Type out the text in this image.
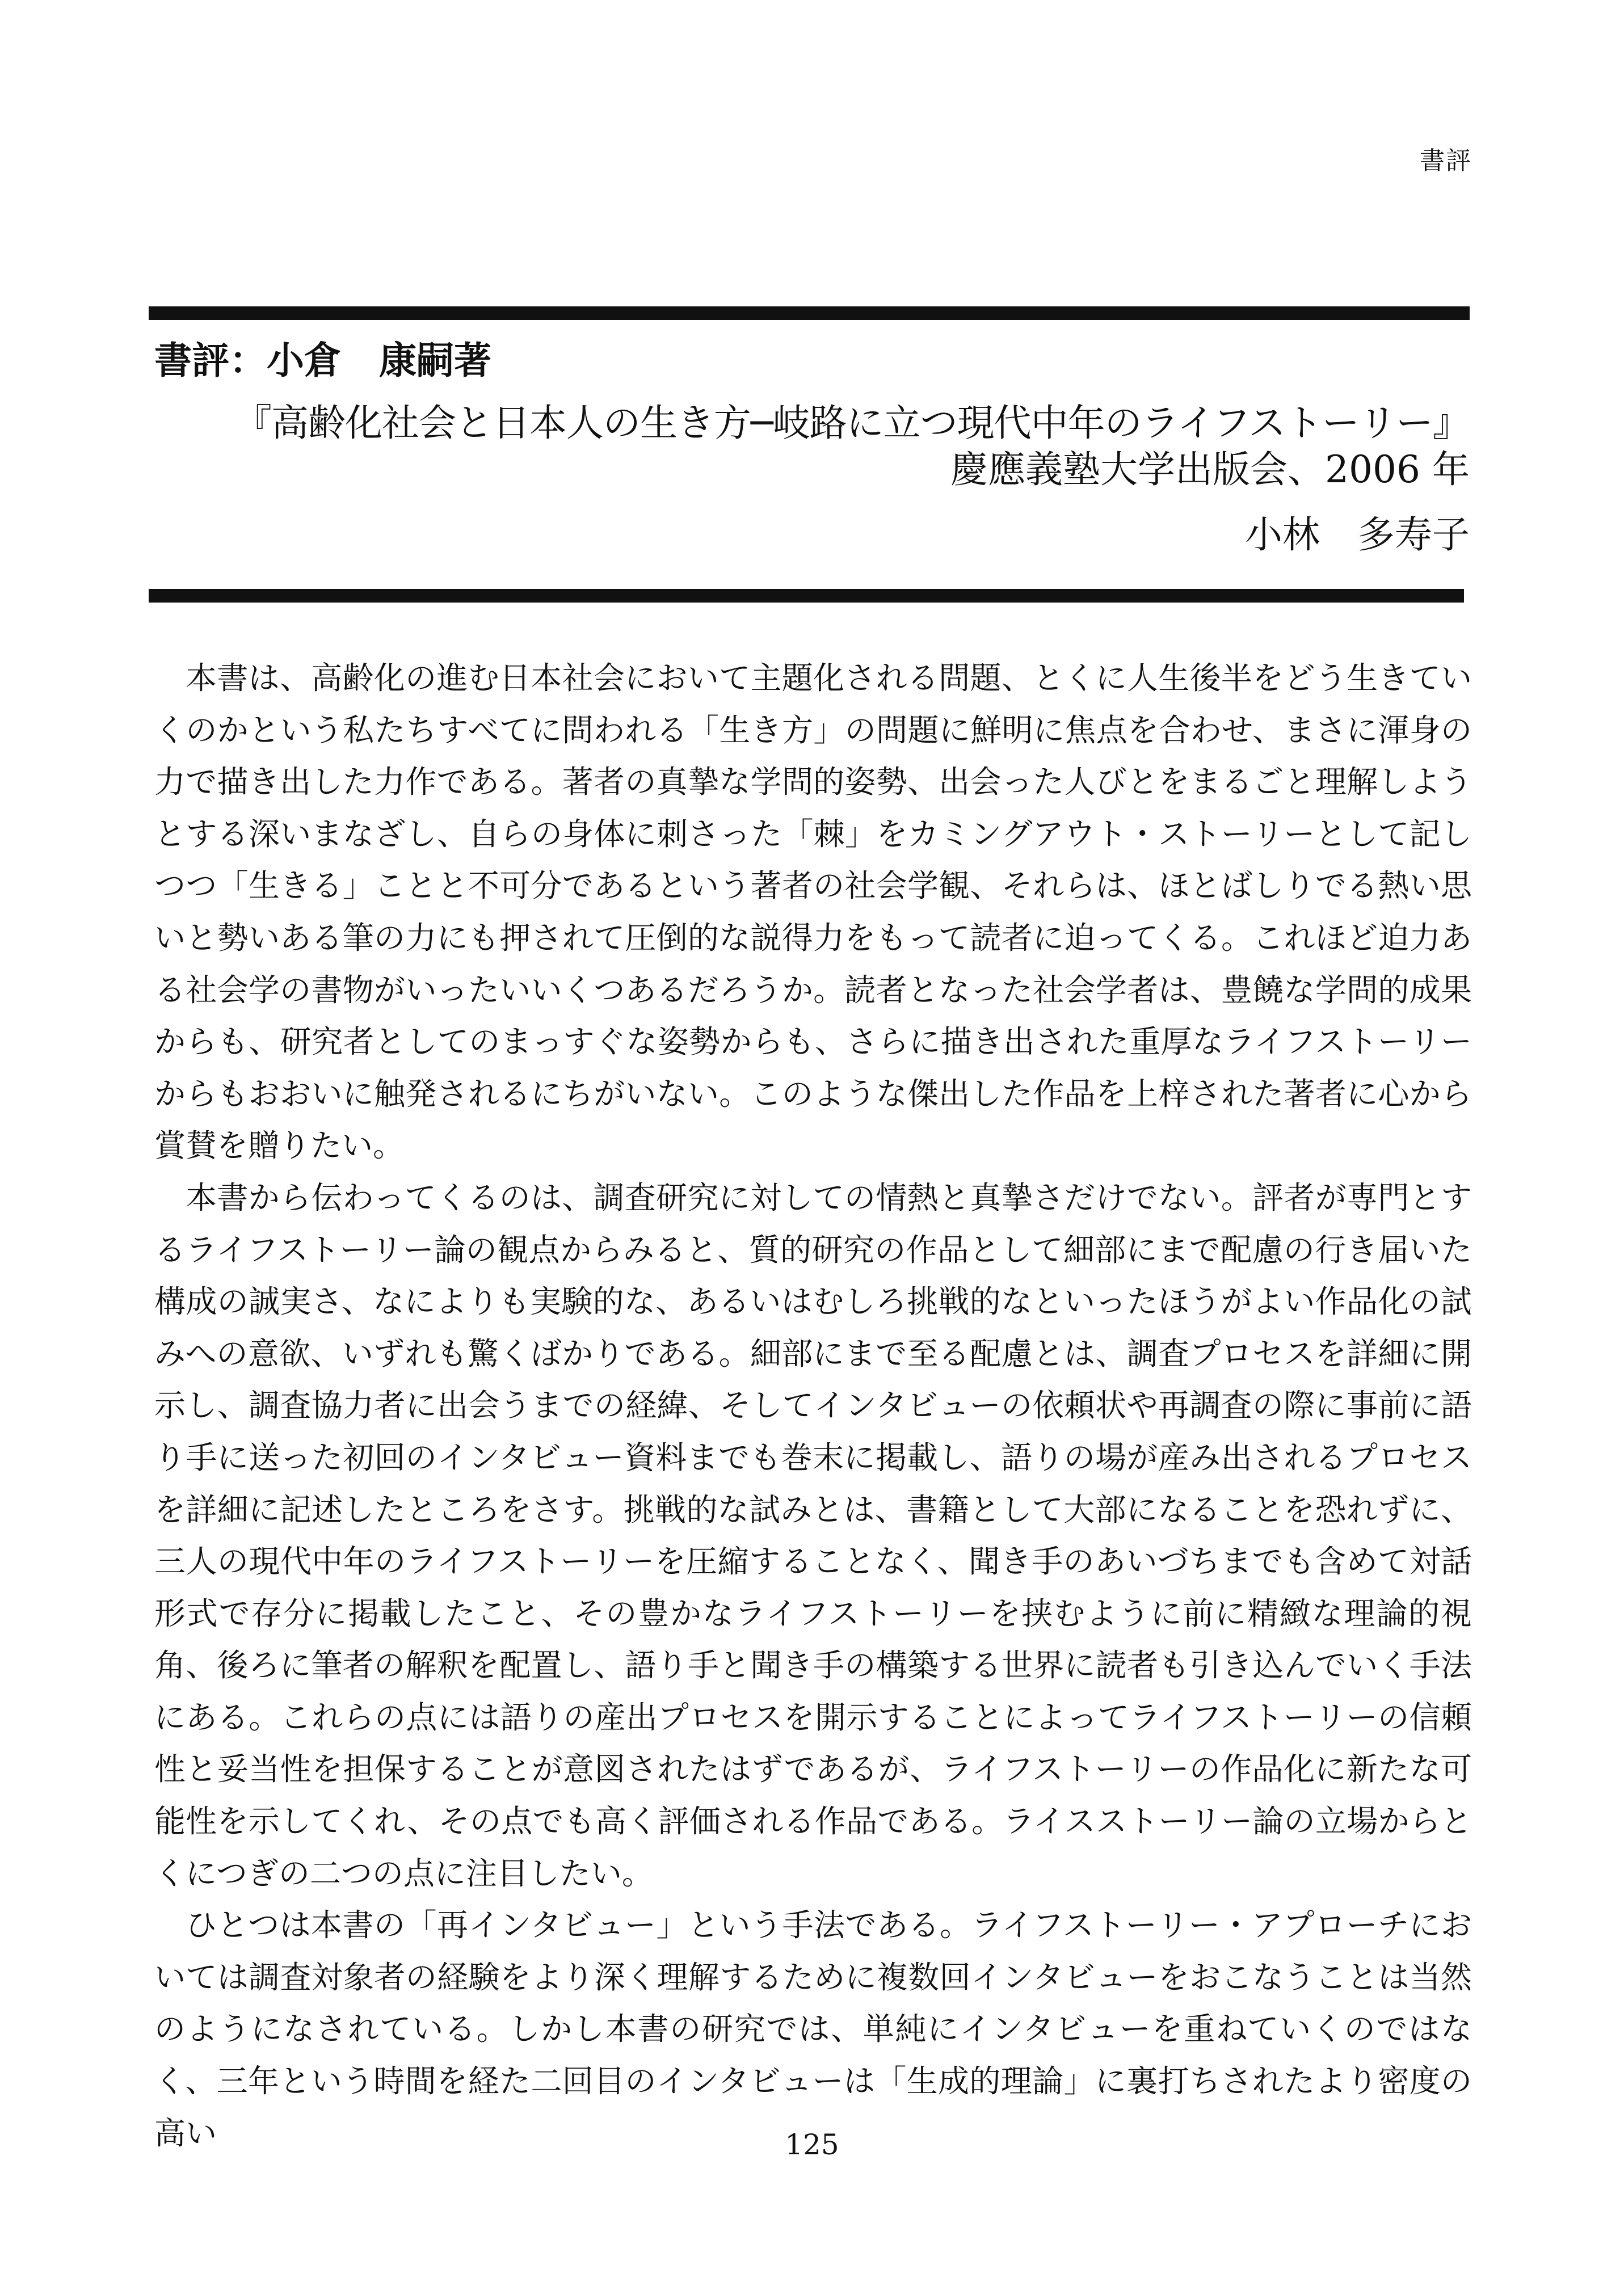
書評
書評：小倉　康嗣著
『高齢化社会と日本人の生き方─岐路に立つ現代中年のライフストーリー』
慶應義塾大学出版会、2006 年
小林　多寿子

本書は、高齢化の進む日本社会において主題化される問題、とくに人生後半をどう生きていくのかという私たちすべてに問われる「生き方」の問題に鮮明に焦点を合わせ、まさに渾身の力で描き出した力作である。著者の真摯な学問的姿勢、出会った人びとをまるごと理解しようとする深いまなざし、自らの身体に刺さった「棘」をカミングアウト・ストーリーとして記しつつ「生きる」ことと不可分であるという著者の社会学観、それらは、ほとばしりでる熱い思いと勢いある筆の力にも押されて圧倒的な説得力をもって読者に迫ってくる。これほど迫力ある社会学の書物がいったいいくつあるだろうか。読者となった社会学者は、豊饒な学問的成果からも、研究者としてのまっすぐな姿勢からも、さらに描き出された重厚なライフストーリーからもおおいに触発されるにちがいない。このような傑出した作品を上梓された著者に心から賞賛を贈りたい。

本書から伝わってくるのは、調査研究に対しての情熱と真摯さだけでない。評者が専門とするライフストーリー論の観点からみると、質的研究の作品として細部にまで配慮の行き届いた構成の誠実さ、なによりも実験的な、あるいはむしろ挑戦的なといったほうがよい作品化の試みへの意欲、いずれも驚くばかりである。細部にまで至る配慮とは、調査プロセスを詳細に開示し、調査協力者に出会うまでの経緯、そしてインタビューの依頼状や再調査の際に事前に語り手に送った初回のインタビュー資料までも巻末に掲載し、語りの場が産み出されるプロセスを詳細に記述したところをさす。挑戦的な試みとは、書籍として大部になることを恐れずに、三人の現代中年のライフストーリーを圧縮することなく、聞き手のあいづちまでも含めて対話形式で存分に掲載したこと、その豊かなライフストーリーを挟むように前に精緻な理論的視角、後ろに筆者の解釈を配置し、語り手と聞き手の構築する世界に読者も引き込んでいく手法にある。これらの点には語りの産出プロセスを開示することによってライフストーリーの信頼性と妥当性を担保することが意図されたはずであるが、ライフストーリーの作品化に新たな可能性を示してくれ、その点でも高く評価される作品である。ライスストーリー論の立場からとくにつぎの二つの点に注目したい。

ひとつは本書の「再インタビュー」という手法である。ライフストーリー・アプローチにおいては調査対象者の経験をより深く理解するために複数回インタビューをおこなうことは当然のようになされている。しかし本書の研究では、単純にインタビューを重ねていくのではなく、三年という時間を経た二回目のインタビューは「生成的理論」に裏打ちされたより密度の高い	125
